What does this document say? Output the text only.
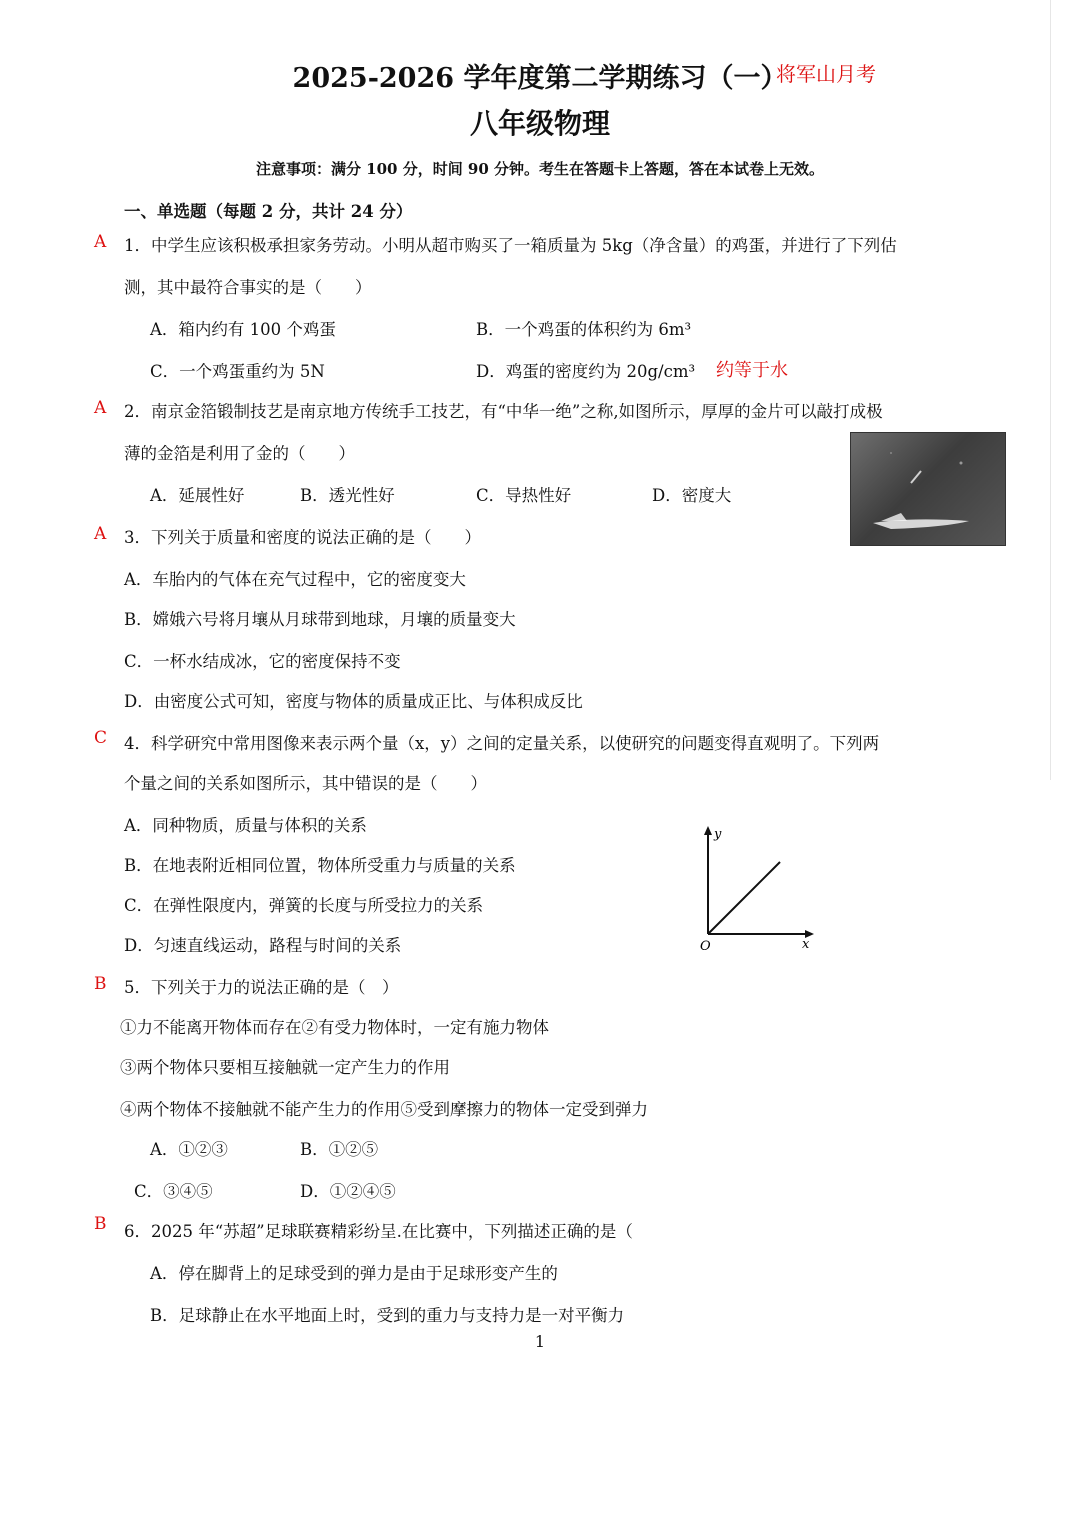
2025-2026 学年度第二学期练习（一）
将军山月考
八年级物理
注意事项：满分 100 分，时间 90 分钟。考生在答题卡上答题，答在本试卷上无效。
一、单选题（每题 2 分，共计 24 分）
A 1．中学生应该积极承担家务劳动。小明从超市购买了一箱质量为 5kg（净含量）的鸡蛋，并进行了下列估
测，其中最符合事实的是（　　）
A．箱内约有 100 个鸡蛋	B．一个鸡蛋的体积约为 6m³
C．一个鸡蛋重约为 5N	D．鸡蛋的密度约为 20g/cm³ 约等于水
A 2．南京金箔锻制技艺是南京地方传统手工技艺，有“中华一绝”之称,如图所示，厚厚的金片可以敲打成极
薄的金箔是利用了金的（　　）
A．延展性好	B．透光性好	C．导热性好	D．密度大
A 3．下列关于质量和密度的说法正确的是（　　）
A．车胎内的气体在充气过程中，它的密度变大
B．嫦娥六号将月壤从月球带到地球，月壤的质量变大
C．一杯水结成冰，它的密度保持不变
D．由密度公式可知，密度与物体的质量成正比、与体积成反比
C 4．科学研究中常用图像来表示两个量（x，y）之间的定量关系，以使研究的问题变得直观明了。下列两
个量之间的关系如图所示，其中错误的是（　　）
A．同种物质，质量与体积的关系
B．在地表附近相同位置，物体所受重力与质量的关系
C．在弹性限度内，弹簧的长度与所受拉力的关系
D．匀速直线运动，路程与时间的关系
y
x
O
B 5．下列关于力的说法正确的是（　）
①力不能离开物体而存在②有受力物体时，一定有施力物体
③两个物体只要相互接触就一定产生力的作用
④两个物体不接触就不能产生力的作用⑤受到摩擦力的物体一定受到弹力
A．①②③	B．①②⑤
C．③④⑤	D．①②④⑤
B 6．2025 年“苏超”足球联赛精彩纷呈.在比赛中，下列描述正确的是（
A．停在脚背上的足球受到的弹力是由于足球形变产生的
B．足球静止在水平地面上时，受到的重力与支持力是一对平衡力
1
